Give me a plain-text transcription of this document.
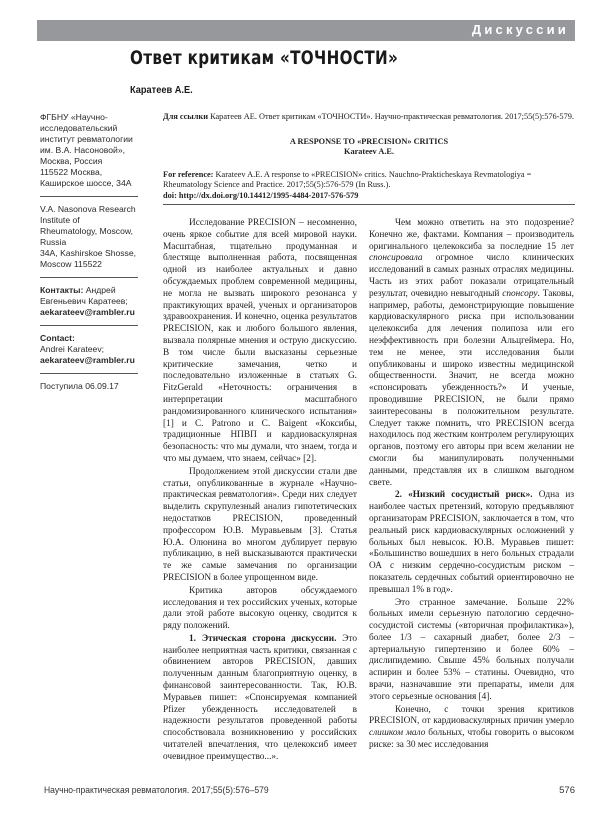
Дискуссии
Ответ критикам «ТОЧНОСТИ»
Каратеев А.Е.
ФГБНУ «Научно-
исследовательский
институт ревматологии
им. В.А. Насоновой»,
Москва, Россия
115522 Москва,
Каширское шоссе, 34А
V.A. Nasonova Research
Institute of
Rheumatology, Moscow,
Russia
34A, Kashirskoe Shosse,
Moscow 115522
Контакты: Андрей
Евгеньевич Каратеев;
aekarateev@rambler.ru
Contact:
Andrei Karateev;
aekarateev@rambler.ru
Поступила 06.09.17
Для ссылки Каратеев АЕ. Ответ критикам «ТОЧНОСТИ». Научно-практическая ревматология. 2017;55(5):576-579.
A RESPONSE TO «PRECISION» CRITICS
Karateev A.E.
For reference: Karateev A.E. A response to «PRECISION» critics. Nauchno-Prakticheskaya Revmatologiya = Rheumatology Science and Practice. 2017;55(5):576-579 (In Russ.).
doi: http://dx.doi.org/10.14412/1995-4484-2017-576-579

Исследование PRECISION – несомненно, очень яркое событие для всей мировой науки. Масштабная, тщательно продуманная и блестяще выполненная работа, посвященная одной из наиболее актуальных и давно обсуждаемых проблем современной медицины, не могла не вызвать широкого резонанса у практикующих врачей, ученых и организаторов здравоохранения. И конечно, оценка результатов PRECISION, как и любого большого явления, вызвала полярные мнения и острую дискуссию. В том числе были высказаны серьезные критические замечания, четко и последовательно изложенные в статьях G. FitzGerald «Неточность: ограничения в интерпретации масштабного рандомизированного клинического испытания» [1] и C. Patrono и C. Baigent «Коксибы, традиционные НПВП и кардиоваскулярная безопасность: что мы думали, что знаем, тогда и что мы думаем, что знаем, сейчас» [2].

Продолжением этой дискуссии стали две статьи, опубликованные в журнале «Научно-практическая ревматология». Среди них следует выделить скрупулезный анализ гипотетических недостатков PRECISION, проведенный профессором Ю.В. Муравьевым [3]. Статья Ю.А. Олюнина во многом дублирует первую публикацию, в ней высказываются практически те же самые замечания по организации PRECISION в более упрощенном виде.

Критика авторов обсуждаемого исследования и тех российских ученых, которые дали этой работе высокую оценку, сводится к ряду положений.

1. Этическая сторона дискуссии. Это наиболее неприятная часть критики, связанная с обвинением авторов PRECISION, давших полученным данным благоприятную оценку, в финансовой заинтересованности. Так, Ю.В. Муравьев пишет: «Спонсируемая компанией Pfizer убежденность исследователей в надежности результатов проведенной работы способствовала возникновению у российских читателей впечатления, что целекоксиб имеет очевидное преимущество...».

Чем можно ответить на это подозрение? Конечно же, фактами. Компания – производитель оригинального целекоксиба за последние 15 лет спонсировала огромное число клинических исследований в самых разных отраслях медицины. Часть из этих работ показали отрицательный результат, очевидно невыгодный спонсору. Таковы, например, работы, демонстрирующие повышение кардиоваскулярного риска при использовании целекоксиба для лечения полипоза или его неэффективность при болезни Альцгеймера. Но, тем не менее, эти исследования были опубликованы и широко известны медицинской общественности. Значит, не всегда можно «спонсировать убежденность?» И ученые, проводившие PRECISION, не были прямо заинтересованы в положительном результате. Следует также помнить, что PRECISION всегда находилось под жестким контролем регулирующих органов, поэтому его авторы при всем желании не смогли бы манипулировать полученными данными, представляя их в слишком выгодном свете.

2. «Низкий сосудистый риск». Одна из наиболее частых претензий, которую предъявляют организаторам PRECISION, заключается в том, что реальный риск кардиоваскулярных осложнений у больных был невысок. Ю.В. Муравьев пишет: «Большинство вошедших в него больных страдали ОА с низким сердечно-сосудистым риском – показатель сердечных событий ориентировочно не превышал 1% в год».

Это странное замечание. Больше 22% больных имели серьезную патологию сердечно-сосудистой системы («вторичная профилактика»), более 1/3 – сахарный диабет, более 2/3 – артериальную гипертензию и более 60% – дислипидемию. Свыше 45% больных получали аспирин и более 53% – статины. Очевидно, что врачи, назначавшие эти препараты, имели для этого серьезные основания [4].

Конечно, с точки зрения критиков PRECISION, от кардиоваскулярных причин умерло слишком мало больных, чтобы говорить о высоком риске: за 30 мес исследования

Научно-практическая ревматология. 2017;55(5):576–579	576
